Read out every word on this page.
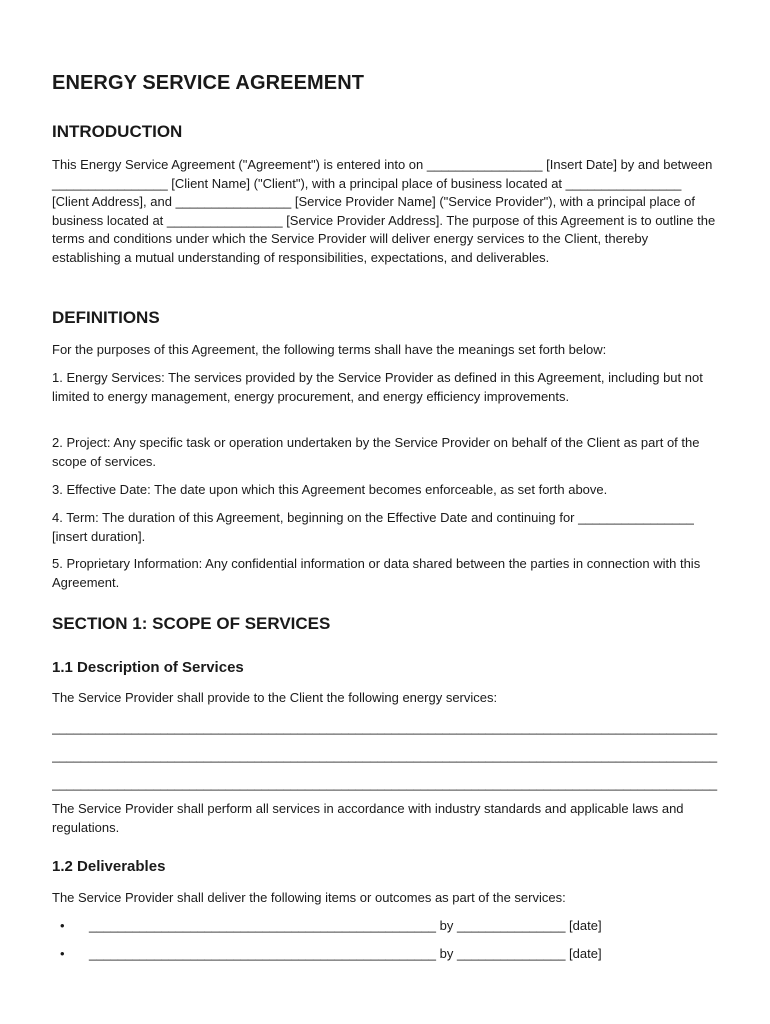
ENERGY SERVICE AGREEMENT
INTRODUCTION

This Energy Service Agreement ("Agreement") is entered into on ________________ [Insert Date] by and between ________________ [Client Name] ("Client"), with a principal place of business located at ________________ [Client Address], and ________________ [Service Provider Name] ("Service Provider"), with a principal place of business located at ________________ [Service Provider Address]. The purpose of this Agreement is to outline the terms and conditions under which the Service Provider will deliver energy services to the Client, thereby establishing a mutual understanding of responsibilities, expectations, and deliverables.

DEFINITIONS

For the purposes of this Agreement, the following terms shall have the meanings set forth below:

1. Energy Services: The services provided by the Service Provider as defined in this Agreement, including but not limited to energy management, energy procurement, and energy efficiency improvements.

2. Project: Any specific task or operation undertaken by the Service Provider on behalf of the Client as part of the scope of services.

3. Effective Date: The date upon which this Agreement becomes enforceable, as set forth above.

4. Term: The duration of this Agreement, beginning on the Effective Date and continuing for ________________ [insert duration].

5. Proprietary Information: Any confidential information or data shared between the parties in connection with this Agreement.

SECTION 1: SCOPE OF SERVICES
1.1 Description of Services

The Service Provider shall provide to the Client the following energy services:

____________________________________________________________________________________________
____________________________________________________________________________________________
____________________________________________________________________________________________

The Service Provider shall perform all services in accordance with industry standards and applicable laws and regulations.

1.2 Deliverables

The Service Provider shall deliver the following items or outcomes as part of the services:

• ________________________________________________ by _______________ [date]
• ________________________________________________ by _______________ [date]
